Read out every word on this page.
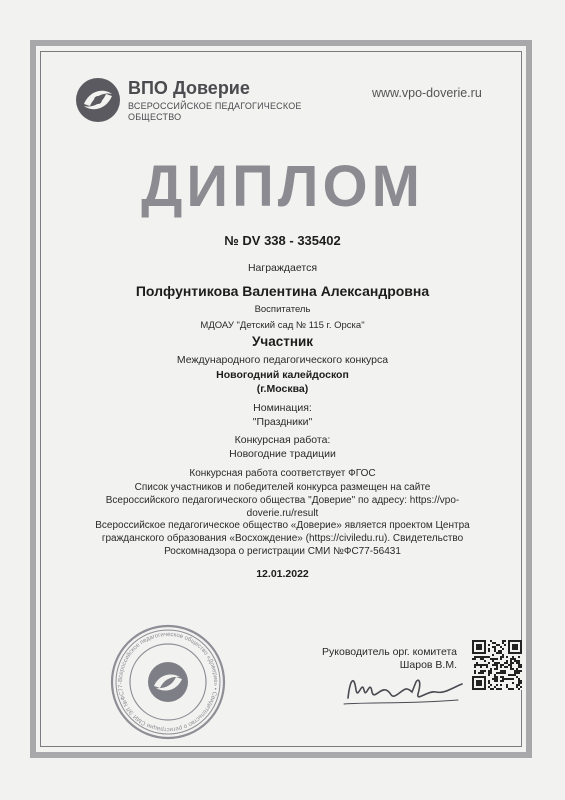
ВПО Доверие
ВСЕРОССИЙСКОЕ ПЕДАГОГИЧЕСКОЕ ОБЩЕСТВО
www.vpo-doverie.ru
ДИПЛОМ
№ DV 338 - 335402
Награждается
Полфунтикова Валентина Александровна
Воспитатель
МДОАУ "Детский сад № 115 г. Орска"
Участник
Международного педагогического конкурса
Новогодний калейдоскоп
(г.Москва)
Номинация:
"Праздники"
Конкурсная работа:
Новогодние традиции
Конкурсная работа соответствует ФГОС
Список участников и победителей конкурса размещен на сайте
Всероссийского педагогического общества "Доверие" по адресу: https://vpo-
doverie.ru/result
Всероссийское педагогическое общество «Доверие» является проектом Центра
гражданского образования «Восхождение» (https://civiledu.ru). Свидетельство
Роскомнадзора о регистрации СМИ №ФС77-56431
12.01.2022
Всероссийское педагогическое общество «Доверие» • Свидетельство о регистрации СМИ ЭЛ №ФС77-
Руководитель орг. комитета
Шаров В.М.
